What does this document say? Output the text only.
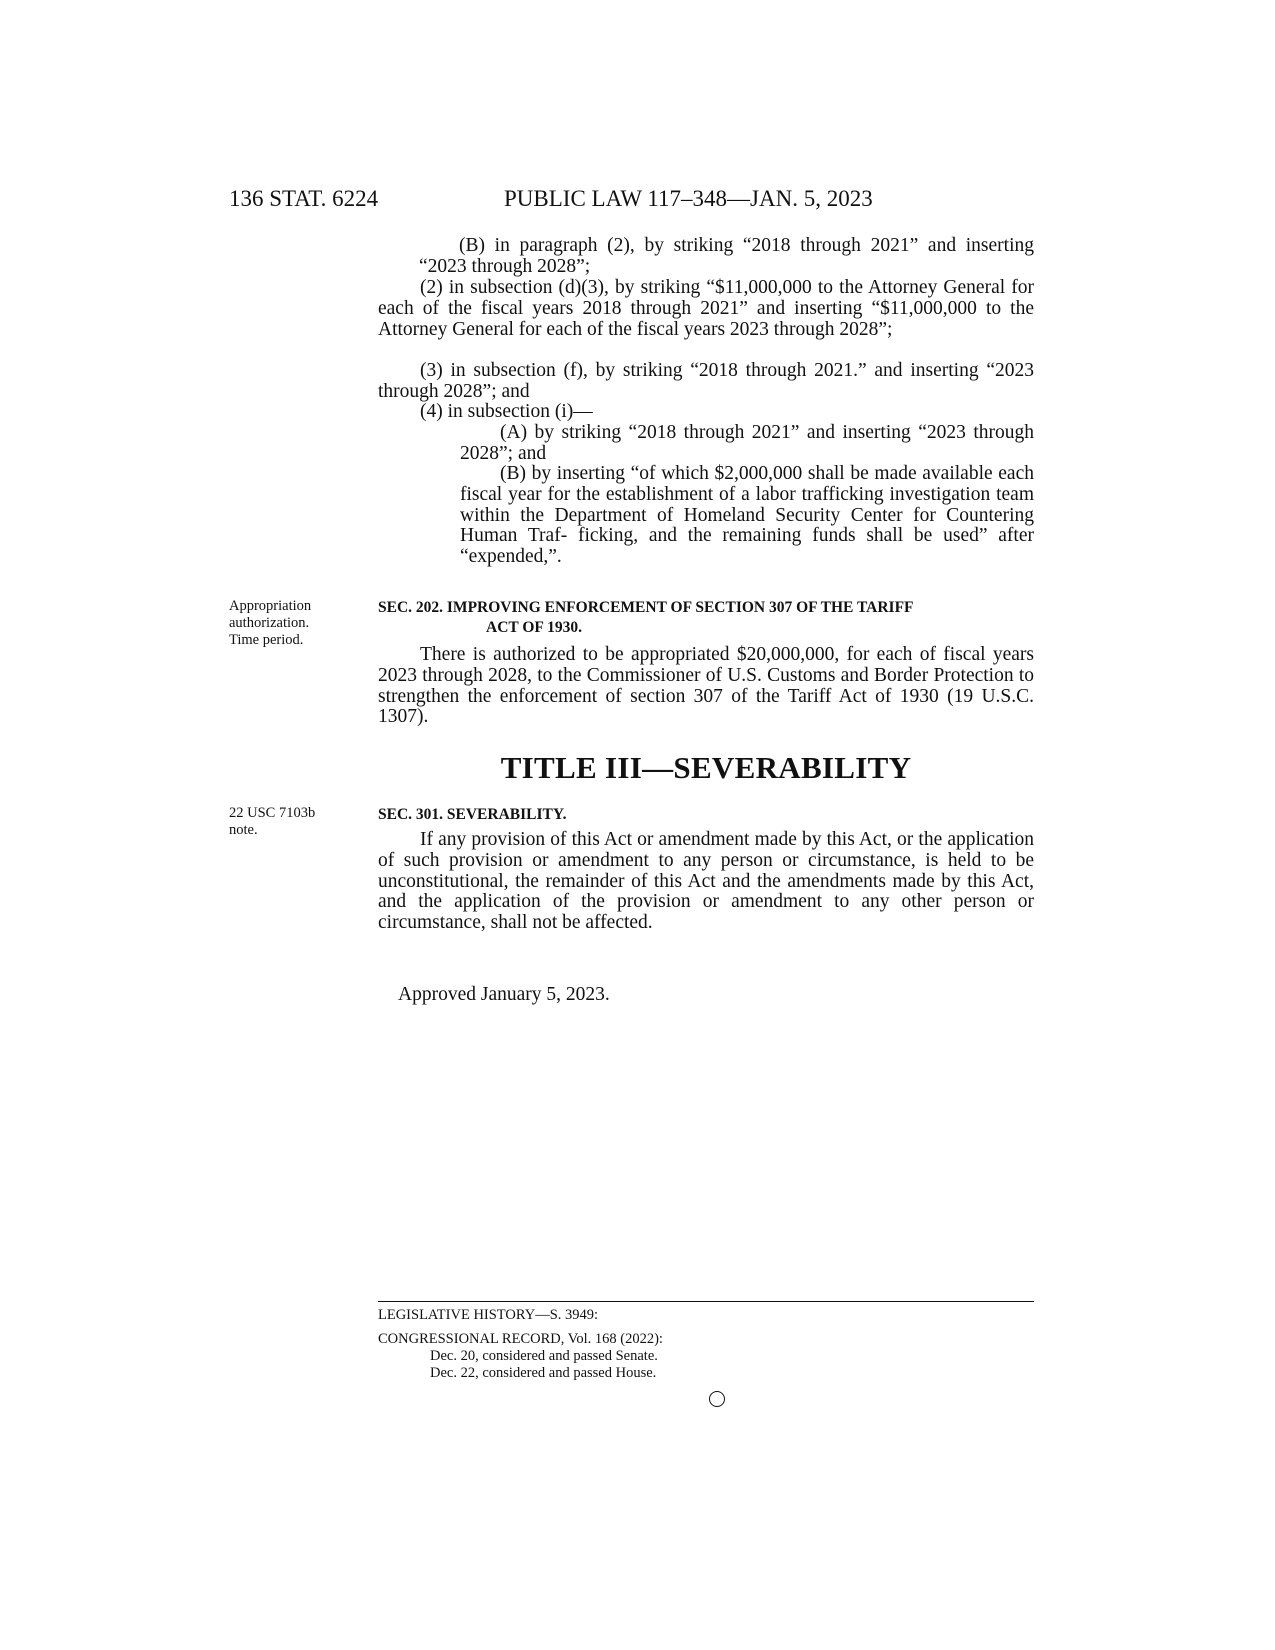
136 STAT. 6224	PUBLIC LAW 117–348—JAN. 5, 2023
(B) in paragraph (2), by striking “2018 through 2021” and inserting “2023 through 2028”;
(2) in subsection (d)(3), by striking “$11,000,000 to the Attorney General for each of the fiscal years 2018 through 2021” and inserting “$11,000,000 to the Attorney General for each of the fiscal years 2023 through 2028”;
(3) in subsection (f), by striking “2018 through 2021.” and inserting “2023 through 2028”; and
(4) in subsection (i)—
(A) by striking “2018 through 2021” and inserting “2023 through 2028”; and
(B) by inserting “of which $2,000,000 shall be made available each fiscal year for the establishment of a labor trafficking investigation team within the Department of Homeland Security Center for Countering Human Traf- ficking, and the remaining funds shall be used” after “expended,”.
Appropriation
authorization.
Time period.
SEC. 202. IMPROVING ENFORCEMENT OF SECTION 307 OF THE TARIFF
ACT OF 1930.
There is authorized to be appropriated $20,000,000, for each of fiscal years 2023 through 2028, to the Commissioner of U.S. Customs and Border Protection to strengthen the enforcement of section 307 of the Tariff Act of 1930 (19 U.S.C. 1307).
TITLE III—SEVERABILITY
22 USC 7103b
note.
SEC. 301. SEVERABILITY.
If any provision of this Act or amendment made by this Act, or the application of such provision or amendment to any person or circumstance, is held to be unconstitutional, the remainder of this Act and the amendments made by this Act, and the application of the provision or amendment to any other person or circumstance, shall not be affected.
Approved January 5, 2023.
LEGISLATIVE HISTORY—S. 3949:
CONGRESSIONAL RECORD, Vol. 168 (2022):
Dec. 20, considered and passed Senate.
Dec. 22, considered and passed House.
